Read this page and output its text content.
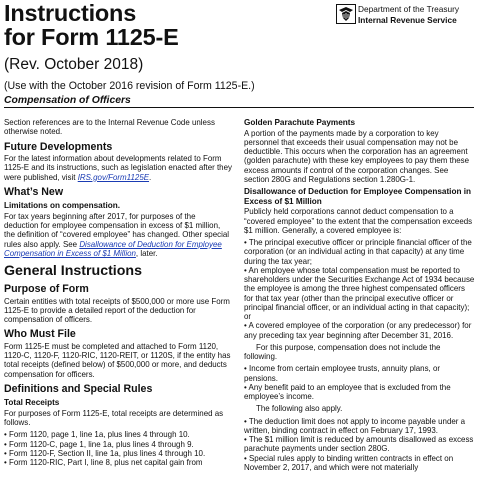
Instructions
for Form 1125-E
(Rev. October 2018)
(Use with the October 2016 revision of Form 1125-E.)
Compensation of Officers
Department of the Treasury
Internal Revenue Service

Section references are to the Internal Revenue Code unless otherwise noted.

Future Developments

For the latest information about developments related to Form 1125-E and its instructions, such as legislation enacted after they were published, visit IRS.gov/Form1125E.

What’s New
Limitations on compensation.

For tax years beginning after 2017, for purposes of the deduction for employee compensation in excess of $1 million, the definition of “covered employee” has changed. Other special rules also apply. See Disallowance of Deduction for Employee Compensation in Excess of $1 Million, later.

General Instructions
Purpose of Form

Certain entities with total receipts of $500,000 or more use Form 1125-E to provide a detailed report of the deduction for compensation of officers.

Who Must File

Form 1125-E must be completed and attached to Form 1120, 1120-C, 1120-F, 1120-RIC, 1120-REIT, or 1120S, if the entity has total receipts (defined below) of $500,000 or more, and deducts compensation for officers.

Definitions and Special Rules
Total Receipts

For purposes of Form 1125-E, total receipts are determined as follows.

• Form 1120, page 1, line 1a, plus lines 4 through 10.
• Form 1120-C, page 1, line 1a, plus lines 4 through 9.
• Form 1120-F, Section II, line 1a, plus lines 4 through 10.
• Form 1120-RIC, Part I, line 8, plus net capital gain from
Golden Parachute Payments

A portion of the payments made by a corporation to key personnel that exceeds their usual compensation may not be deductible. This occurs when the corporation has an agreement (golden parachute) with these key employees to pay them these excess amounts if control of the corporation changes. See section 280G and Regulations section 1.280G-1.

Disallowance of Deduction for Employee Compensation in Excess of $1 Million

Publicly held corporations cannot deduct compensation to a “covered employee” to the extent that the compensation exceeds $1 million. Generally, a covered employee is:

• The principal executive officer or principle financial officer of the corporation (or an individual acting in that capacity) at any time during the tax year;
• An employee whose total compensation must be reported to shareholders under the Securities Exchange Act of 1934 because the employee is among the three highest compensated officers for that tax year (other than the principal executive officer or principal financial officer, or an individual acting in that capacity); or
• A covered employee of the corporation (or any predecessor) for any preceding tax year beginning after December 31, 2016.

For this purpose, compensation does not include the following.

• Income from certain employee trusts, annuity plans, or pensions.
• Any benefit paid to an employee that is excluded from the employee’s income.

The following also apply.

• The deduction limit does not apply to income payable under a written, binding contract in effect on February 17, 1993.
• The $1 million limit is reduced by amounts disallowed as excess parachute payments under section 280G.
• Special rules apply to binding written contracts in effect on November 2, 2017, and which were not materially
